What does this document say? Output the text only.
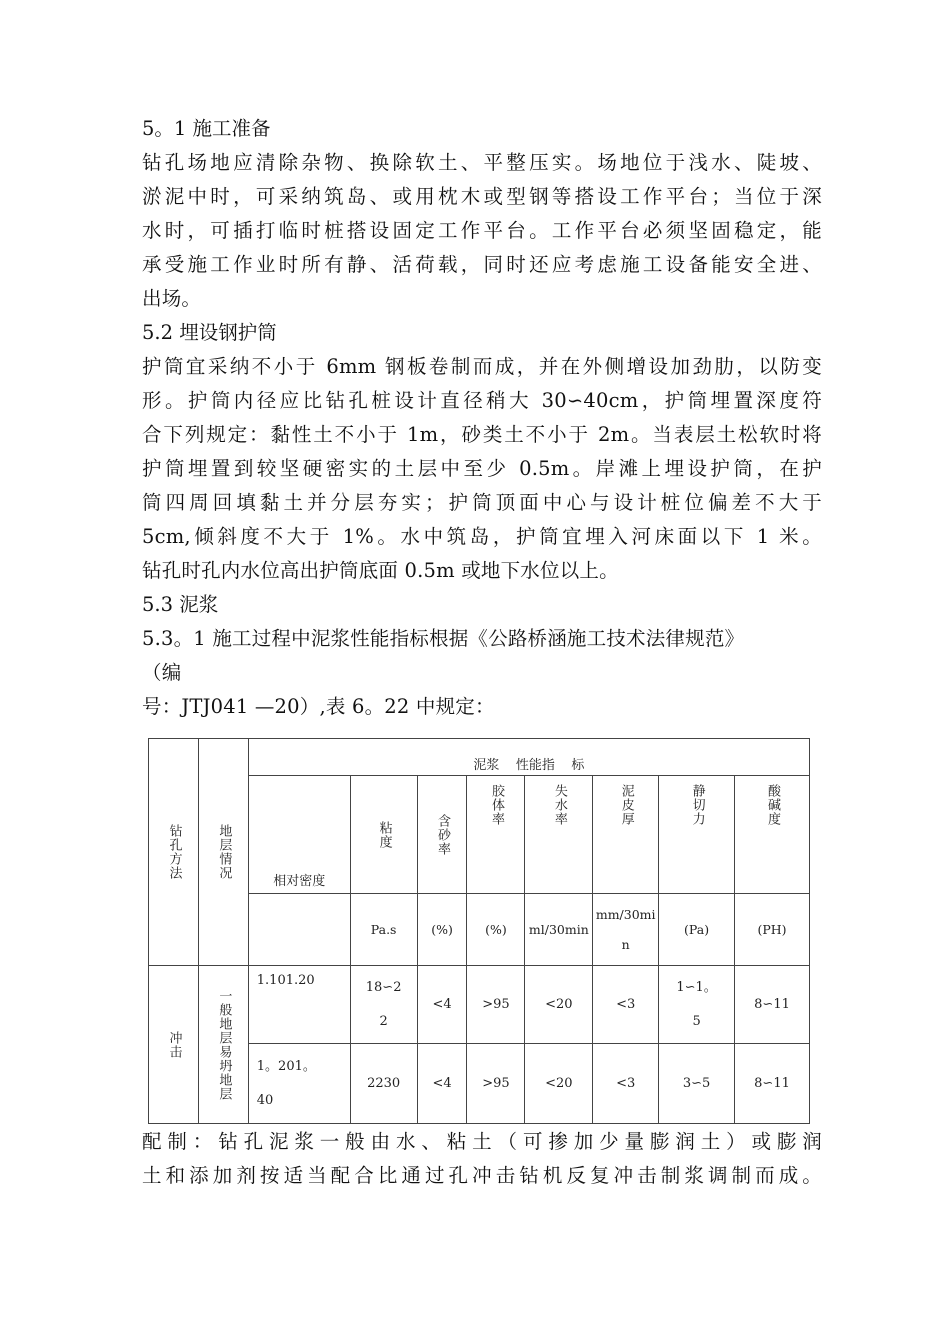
5。1 施工准备
钻孔场地应清除杂物、换除软土、平整压实。场地位于浅水、陡坡、
淤泥中时，可采纳筑岛、或用枕木或型钢等搭设工作平台；当位于深
水时，可插打临时桩搭设固定工作平台。工作平台必须坚固稳定，能
承受施工作业时所有静、活荷载，同时还应考虑施工设备能安全进、
出场。
5.2 埋设钢护筒
护筒宜采纳不小于 6mm 钢板卷制而成，并在外侧增设加劲肋，以防变
形。护筒内径应比钻孔桩设计直径稍大 30∽40cm，护筒埋置深度符
合下列规定：黏性土不小于 1m，砂类土不小于 2m。当表层土松软时将
护筒埋置到较坚硬密实的土层中至少 0.5m。岸滩上埋设护筒，在护
筒四周回填黏土并分层夯实；护筒顶面中心与设计桩位偏差不大于
5cm,倾斜度不大于 1%。水中筑岛，护筒宜埋入河床面以下 1 米。
钻孔时孔内水位高出护筒底面 0.5m 或地下水位以上。
5.3 泥浆
5.3。1 施工过程中泥浆性能指标根据《公路桥涵施工技术法律规范》
（编
号：JTJ041 —20）,表 6。22 中规定：
钻孔方法	地层情况	泥浆    性能指    标							
		相对密度	粘度	含砂率	胶体率	失水率	泥皮厚	静切力	酸碱度

			Pa.s	(%)	(%)	ml/30min	mm/30min	(Pa)	(PH)

冲击	一般地层易坍地层	1.101.20	18∽22	<4	>95	<20	<3	1∽1。5	8∽11
		1。201。40	2230	<4	>95	<20	<3	3∽5	8∽11
配制：钻孔泥浆一般由水、粘土（可掺加少量膨润土）或膨润
土和添加剂按适当配合比通过孔冲击钻机反复冲击制浆调制而成。
